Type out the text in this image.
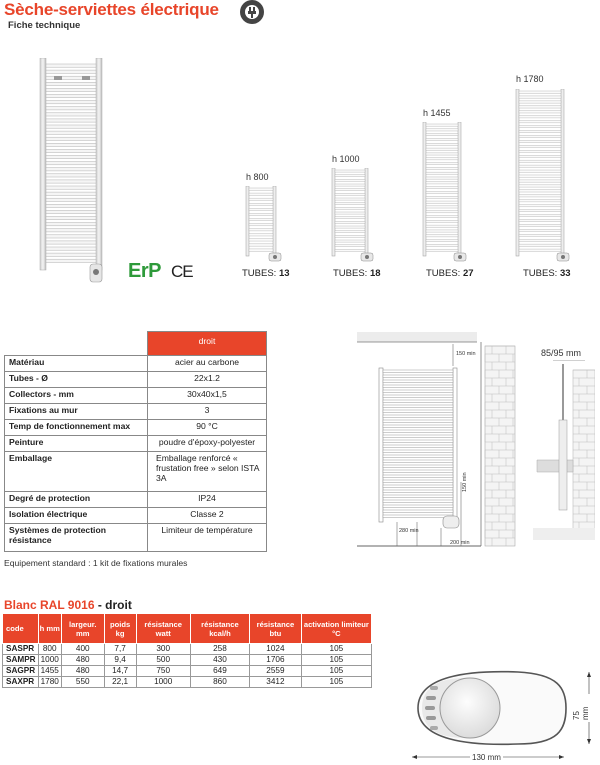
Sèche-serviettes électrique
Fiche technique
h 800
TUBES: 13
h 1000
TUBES: 18
h 1455
TUBES: 27
h 1780
TUBES: 33
ErP CE
	droit
Matériau	acier au carbone
Tubes - Ø	22x1.2
Collectors - mm	30x40x1,5
Fixations au mur	3
Temp de fonctionnement max	90 °C
Peinture	poudre d'époxy-polyester
Emballage	Emballage renforcé « frustation free » selon ISTA 3A
Degré de protection	IP24
Isolation électrique	Classe 2
Systèmes de protection résistance	Limiteur de température
Equipement standard : 1 kit de fixations murales
150 min
280 min
150 min
200 min
85/95 mm
Blanc RAL 9016 - droit
code	h mm	largeur. mm	poids kg	résistance watt	résistance kcal/h	résistance btu	activation limiteur °C
SASPR	800	400	7,7	300	258	1024	105
SAMPR	1000	480	9,4	500	430	1706	105
SAGPR	1455	480	14,7	750	649	2559	105
SAXPR	1780	550	22,1	1000	860	3412	105
130 mm
75 mm
